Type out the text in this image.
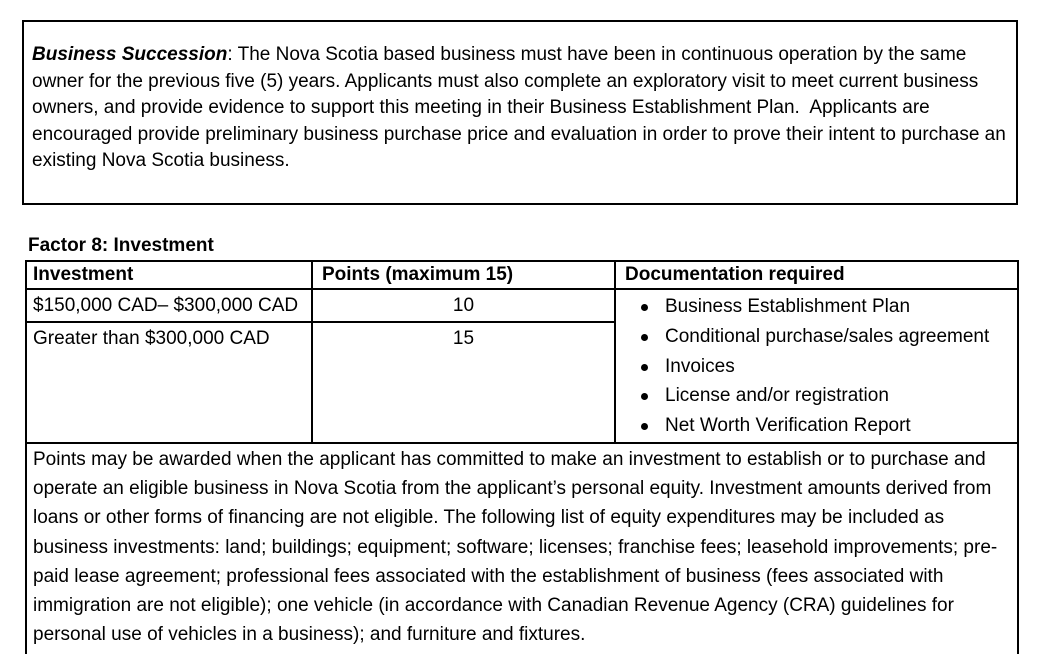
Business Succession: The Nova Scotia based business must have been in continuous operation by the same
owner for the previous five (5) years. Applicants must also complete an exploratory visit to meet current business
owners, and provide evidence to support this meeting in their Business Establishment Plan.  Applicants are
encouraged provide preliminary business purchase price and evaluation in order to prove their intent to purchase an
existing Nova Scotia business.
Factor 8: Investment
Investment	Points (maximum 15)	Documentation required
$150,000 CAD– $300,000 CAD	10	Business Establishment Plan
Conditional purchase/sales agreement
Invoices
License and/or registration
Net Worth Verification Report

Greater than $300,000 CAD	15	

Points may be awarded when the applicant has committed to make an investment to establish or to purchase and
operate an eligible business in Nova Scotia from the applicant’s personal equity. Investment amounts derived from
loans or other forms of financing are not eligible. The following list of equity expenditures may be included as
business investments: land; buildings; equipment; software; licenses; franchise fees; leasehold improvements; pre-
paid lease agreement; professional fees associated with the establishment of business (fees associated with
immigration are not eligible); one vehicle (in accordance with Canadian Revenue Agency (CRA) guidelines for
personal use of vehicles in a business); and furniture and fixtures.
